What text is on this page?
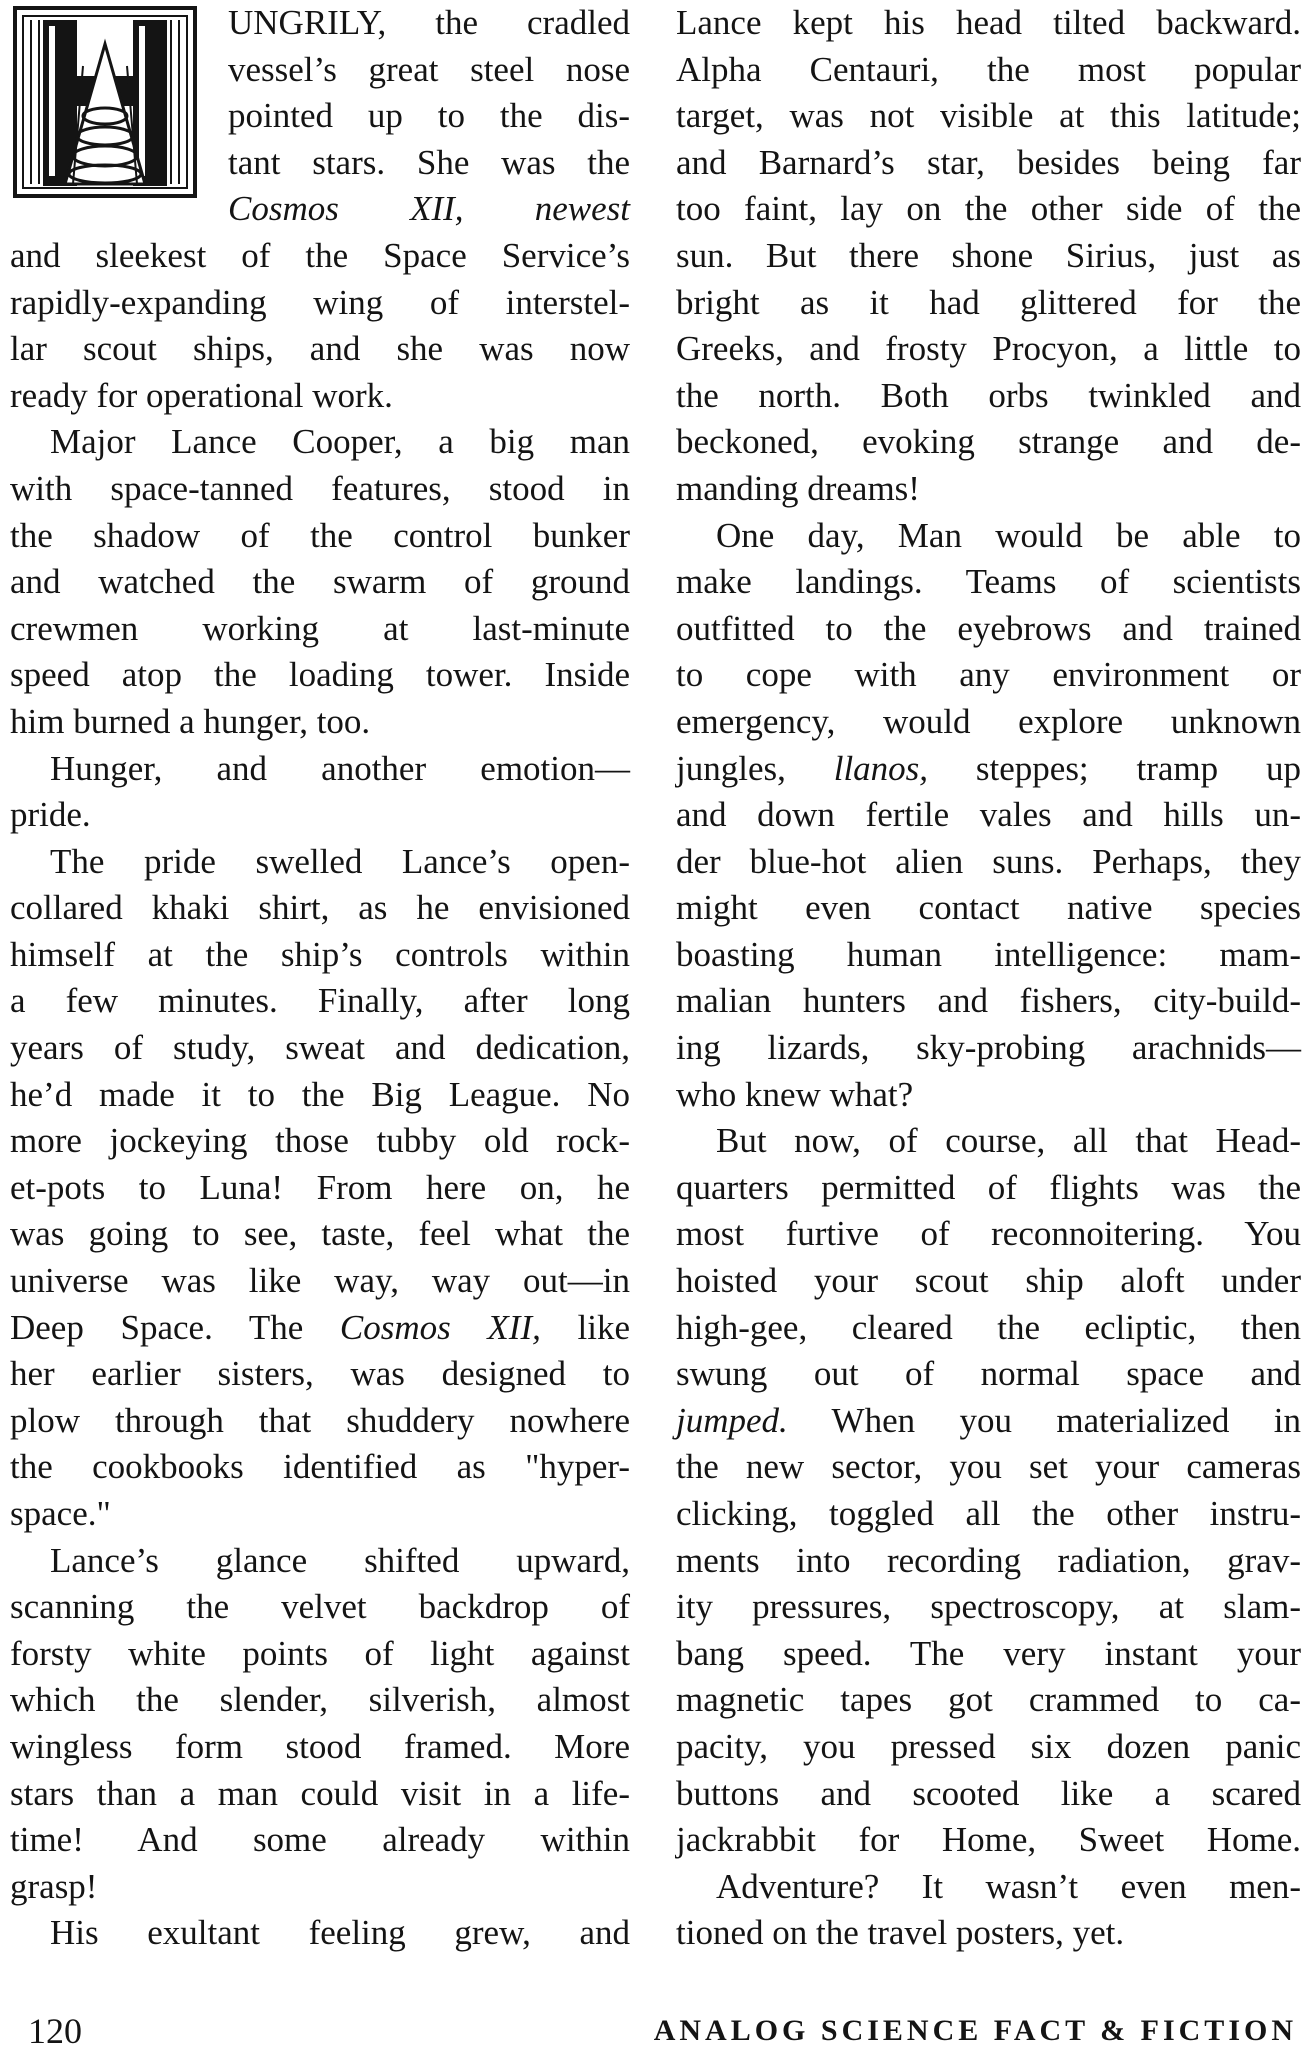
UNGRILY, the cradled
vessel’s great steel nose
pointed up to the dis-
tant stars. She was the
Cosmos XII, newest
and sleekest of the Space Service’s
rapidly-expanding wing of interstel-
lar scout ships, and she was now
ready for operational work.
Major Lance Cooper, a big man
with space-tanned features, stood in
the shadow of the control bunker
and watched the swarm of ground
crewmen working at last-minute
speed atop the loading tower. Inside
him burned a hunger, too.
Hunger, and another emotion—
pride.
The pride swelled Lance’s open-
collared khaki shirt, as he envisioned
himself at the ship’s controls within
a few minutes. Finally, after long
years of study, sweat and dedication,
he’d made it to the Big League. No
more jockeying those tubby old rock-
et-pots to Luna! From here on, he
was going to see, taste, feel what the
universe was like way, way out—in
Deep Space. The Cosmos XII, like
her earlier sisters, was designed to
plow through that shuddery nowhere
the cookbooks identified as "hyper-
space."
Lance’s glance shifted upward,
scanning the velvet backdrop of
forsty white points of light against
which the slender, silverish, almost
wingless form stood framed. More
stars than a man could visit in a life-
time! And some already within
grasp!
His exultant feeling grew, and
Lance kept his head tilted backward.
Alpha Centauri, the most popular
target, was not visible at this latitude;
and Barnard’s star, besides being far
too faint, lay on the other side of the
sun. But there shone Sirius, just as
bright as it had glittered for the
Greeks, and frosty Procyon, a little to
the north. Both orbs twinkled and
beckoned, evoking strange and de-
manding dreams!
One day, Man would be able to
make landings. Teams of scientists
outfitted to the eyebrows and trained
to cope with any environment or
emergency, would explore unknown
jungles, llanos, steppes; tramp up
and down fertile vales and hills un-
der blue-hot alien suns. Perhaps, they
might even contact native species
boasting human intelligence: mam-
malian hunters and fishers, city-build-
ing lizards, sky-probing arachnids—
who knew what?
But now, of course, all that Head-
quarters permitted of flights was the
most furtive of reconnoitering. You
hoisted your scout ship aloft under
high-gee, cleared the ecliptic, then
swung out of normal space and
jumped. When you materialized in
the new sector, you set your cameras
clicking, toggled all the other instru-
ments into recording radiation, grav-
ity pressures, spectroscopy, at slam-
bang speed. The very instant your
magnetic tapes got crammed to ca-
pacity, you pressed six dozen panic
buttons and scooted like a scared
jackrabbit for Home, Sweet Home.
Adventure? It wasn’t even men-
tioned on the travel posters, yet.
120	ANALOG SCIENCE FACT & FICTION
